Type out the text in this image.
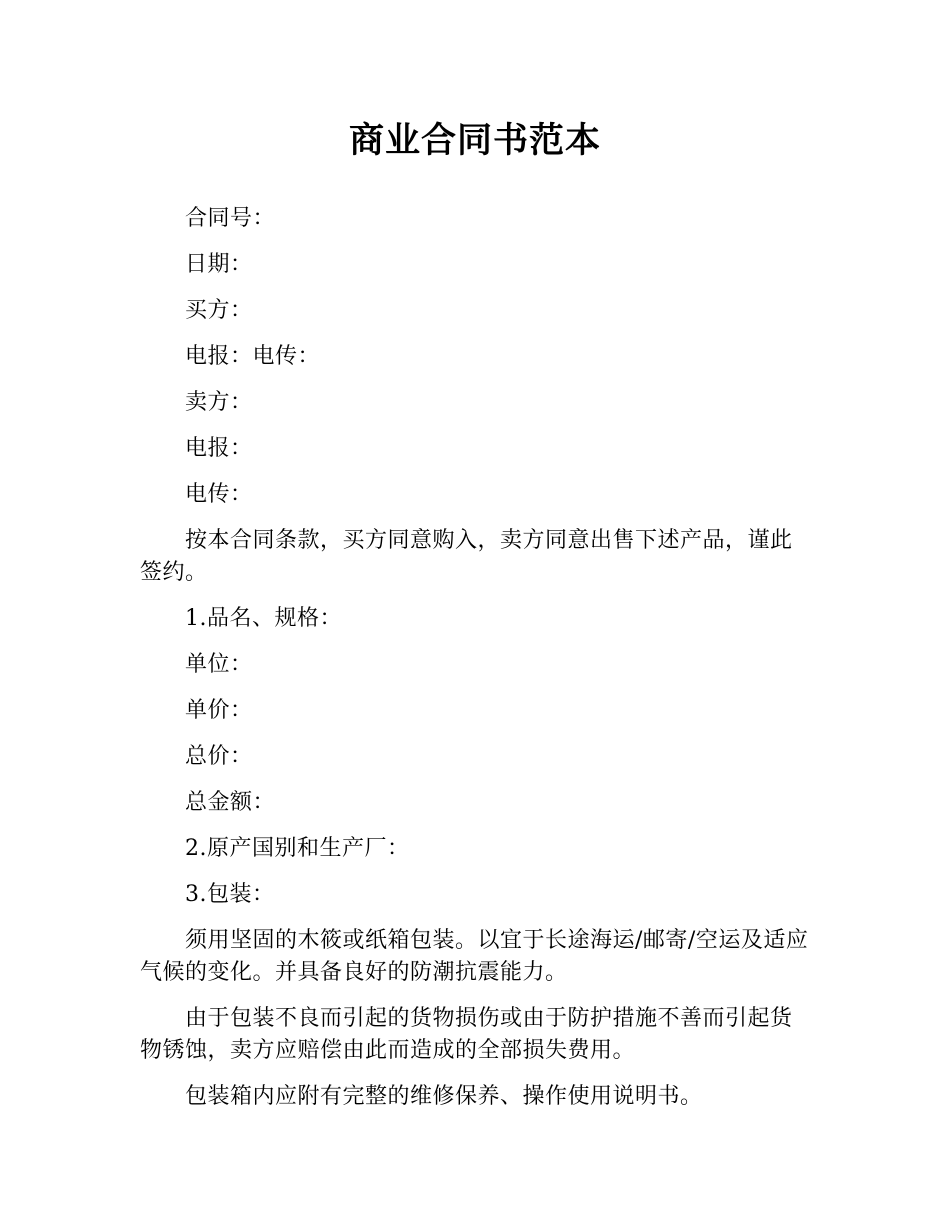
商业合同书范本

合同号：

日期：

买方：

电报：电传：

卖方：

电报：

电传：

按本合同条款，买方同意购入，卖方同意出售下述产品，谨此签约。

1.品名、规格：

单位：

单价：

总价：

总金额：

2.原产国别和生产厂：

3.包装：

须用坚固的木筱或纸箱包装。以宜于长途海运/邮寄/空运及适应气候的变化。并具备良好的防潮抗震能力。

由于包装不良而引起的货物损伤或由于防护措施不善而引起货物锈蚀，卖方应赔偿由此而造成的全部损失费用。

包装箱内应附有完整的维修保养、操作使用说明书。
